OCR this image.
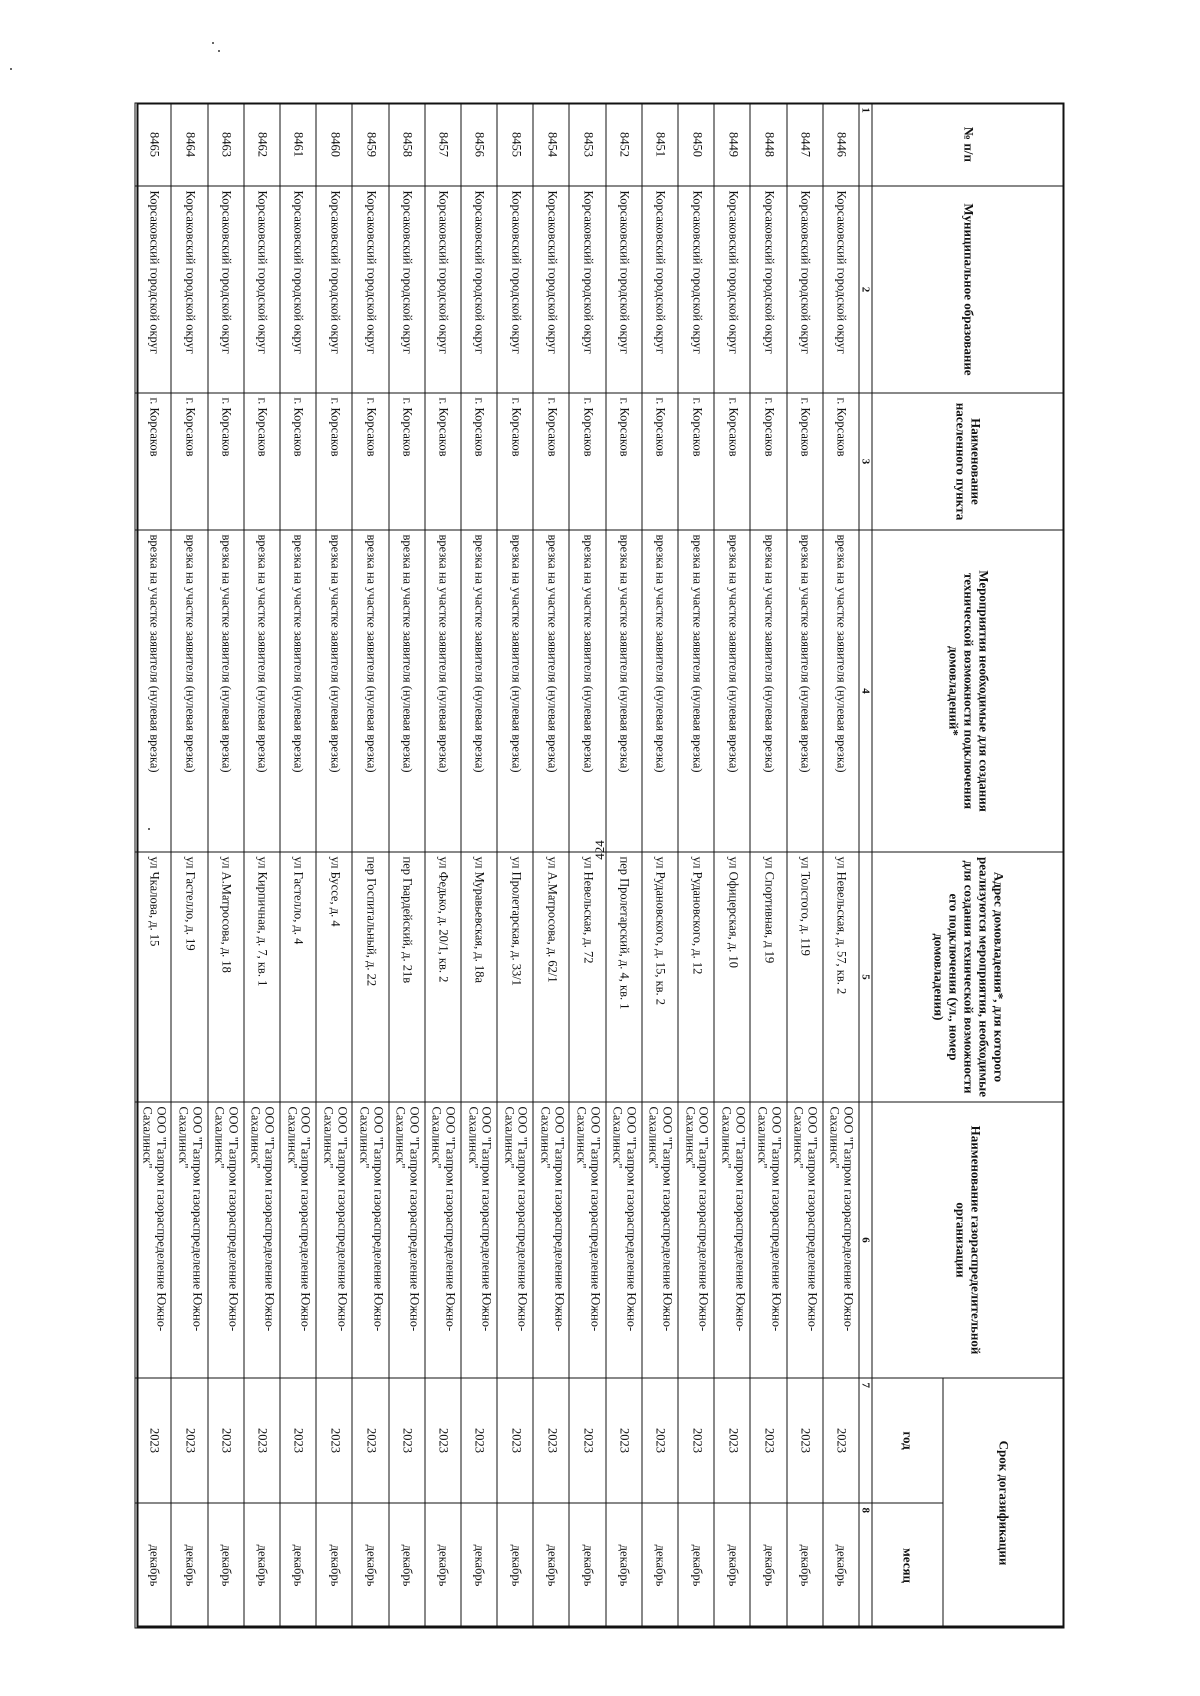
424
№ п/п	Муниципальное образование	Наименование населенного пункта	Мероприятия необходимые для создания технической возможности подключения домовладений*	Адрес домовладения*, для которого реализуются мероприятия, необходимые для создания технической возможности его подключения (ул., номер домовладения)	Наименование газораспределительной организации	Срок догазификации	
						год	месяц
1	2	3	4	5	6	7	8
8446	Корсаковский городской округ	г. Корсаков	врезка на участке заявителя (нулевая врезка)	ул Невельская, д. 57, кв. 2	ООО "Газпром газораспределение Южно-Сахалинск"	2023	декабрь
8447	Корсаковский городской округ	г. Корсаков	врезка на участке заявителя (нулевая врезка)	ул Толстого, д. 119	ООО "Газпром газораспределение Южно-Сахалинск"	2023	декабрь
8448	Корсаковский городской округ	г. Корсаков	врезка на участке заявителя (нулевая врезка)	ул Спортивная, д 19	ООО "Газпром газораспределение Южно-Сахалинск"	2023	декабрь
8449	Корсаковский городской округ	г. Корсаков	врезка на участке заявителя (нулевая врезка)	ул Офицерская, д. 10	ООО "Газпром газораспределение Южно-Сахалинск"	2023	декабрь
8450	Корсаковский городской округ	г. Корсаков	врезка на участке заявителя (нулевая врезка)	ул Рудановского, д. 12	ООО "Газпром газораспределение Южно-Сахалинск"	2023	декабрь
8451	Корсаковский городской округ	г. Корсаков	врезка на участке заявителя (нулевая врезка)	ул Рудановского, д. 15, кв. 2	ООО "Газпром газораспределение Южно-Сахалинск"	2023	декабрь
8452	Корсаковский городской округ	г. Корсаков	врезка на участке заявителя (нулевая врезка)	пер Пролетарский, д. 4, кв. 1	ООО "Газпром газораспределение Южно-Сахалинск"	2023	декабрь
8453	Корсаковский городской округ	г. Корсаков	врезка на участке заявителя (нулевая врезка)	ул Невельская, д. 72	ООО "Газпром газораспределение Южно-Сахалинск"	2023	декабрь
8454	Корсаковский городской округ	г. Корсаков	врезка на участке заявителя (нулевая врезка)	ул А.Матросова, д. 62/1	ООО "Газпром газораспределение Южно-Сахалинск"	2023	декабрь
8455	Корсаковский городской округ	г. Корсаков	врезка на участке заявителя (нулевая врезка)	ул Пролетарская, д. 33/1	ООО "Газпром газораспределение Южно-Сахалинск"	2023	декабрь
8456	Корсаковский городской округ	г. Корсаков	врезка на участке заявителя (нулевая врезка)	ул Муравьевская, д. 18а	ООО "Газпром газораспределение Южно-Сахалинск"	2023	декабрь
8457	Корсаковский городской округ	г. Корсаков	врезка на участке заявителя (нулевая врезка)	ул Федько, д. 20/1, кв. 2	ООО "Газпром газораспределение Южно-Сахалинск"	2023	декабрь
8458	Корсаковский городской округ	г. Корсаков	врезка на участке заявителя (нулевая врезка)	пер Гвардейский, д. 21в	ООО "Газпром газораспределение Южно-Сахалинск"	2023	декабрь
8459	Корсаковский городской округ	г. Корсаков	врезка на участке заявителя (нулевая врезка)	пер Госпитальный, д. 22	ООО "Газпром газораспределение Южно-Сахалинск"	2023	декабрь
8460	Корсаковский городской округ	г. Корсаков	врезка на участке заявителя (нулевая врезка)	ул Буссе, д. 4	ООО "Газпром газораспределение Южно-Сахалинск"	2023	декабрь
8461	Корсаковский городской округ	г. Корсаков	врезка на участке заявителя (нулевая врезка)	ул Гастелло, д. 4	ООО "Газпром газораспределение Южно-Сахалинск"	2023	декабрь
8462	Корсаковский городской округ	г. Корсаков	врезка на участке заявителя (нулевая врезка)	ул Кирпичная, д. 7, кв. 1	ООО "Газпром газораспределение Южно-Сахалинск"	2023	декабрь
8463	Корсаковский городской округ	г. Корсаков	врезка на участке заявителя (нулевая врезка)	ул А.Матросова, д. 18	ООО "Газпром газораспределение Южно-Сахалинск"	2023	декабрь
8464	Корсаковский городской округ	г. Корсаков	врезка на участке заявителя (нулевая врезка)	ул Гастелло, д. 19	ООО "Газпром газораспределение Южно-Сахалинск"	2023	декабрь
8465	Корсаковский городской округ	г. Корсаков	врезка на участке заявителя (нулевая врезка)	ул Чкалова, д. 15	ООО "Газпром газораспределение Южно-Сахалинск"	2023	декабрь
